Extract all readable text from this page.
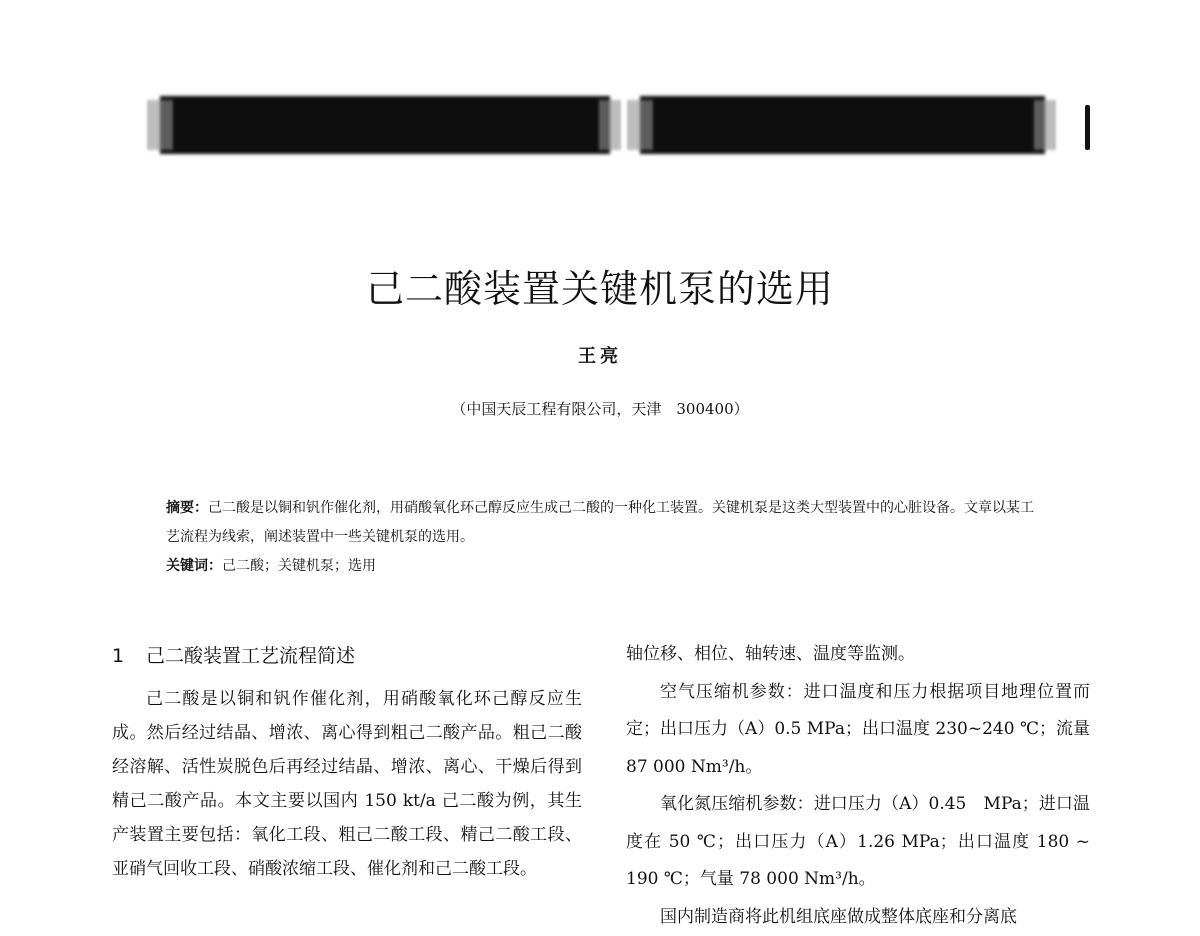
己二酸装置关键机泵的选用
王亮
（中国天辰工程有限公司，天津　300400）

摘要：己二酸是以铜和钒作催化剂，用硝酸氧化环己醇反应生成己二酸的一种化工装置。关键机泵是这类大型装置中的心脏设备。文章以某工艺流程为线索，阐述装置中一些关键机泵的选用。

关键词：己二酸；关键机泵；选用

1 己二酸装置工艺流程简述

己二酸是以铜和钒作催化剂，用硝酸氧化环己醇反应生成。然后经过结晶、增浓、离心得到粗己二酸产品。粗己二酸经溶解、活性炭脱色后再经过结晶、增浓、离心、干燥后得到精己二酸产品。本文主要以国内 150 kt/a 己二酸为例，其生产装置主要包括：氧化工段、粗己二酸工段、精己二酸工段、亚硝气回收工段、硝酸浓缩工段、催化剂和己二酸工段。

轴位移、相位、轴转速、温度等监测。

空气压缩机参数：进口温度和压力根据项目地理位置而定；出口压力（A）0.5 MPa；出口温度 230~240 ℃；流量 87 000 Nm³/h。

氧化氮压缩机参数：进口压力（A）0.45　MPa；进口温度在 50 ℃；出口压力（A）1.26 MPa；出口温度 180 ~ 190 ℃；气量 78 000 Nm³/h。

国内制造商将此机组底座做成整体底座和分离底
